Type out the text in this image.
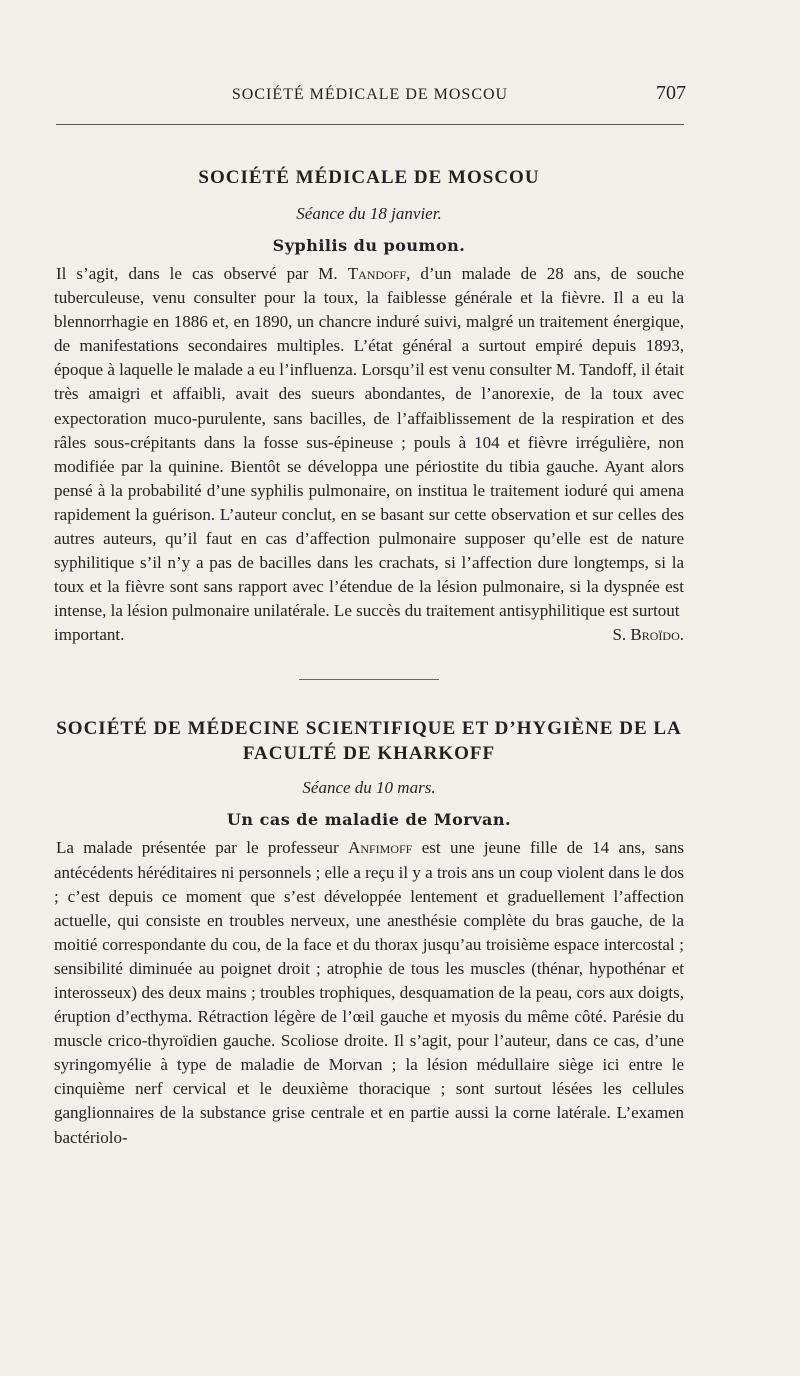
SOCIÉTÉ MÉDICALE DE MOSCOU	707
SOCIÉTÉ MÉDICALE DE MOSCOU

Séance du 18 janvier.

Syphilis du poumon.

Il s’agit, dans le cas observé par M. Tandoff, d’un malade de 28 ans, de souche tuberculeuse, venu consulter pour la toux, la faiblesse générale et la fièvre. Il a eu la blennorrhagie en 1886 et, en 1890, un chancre induré suivi, malgré un traitement énergique, de manifestations secondaires multiples. L’état général a surtout empiré depuis 1893, époque à laquelle le malade a eu l’influenza. Lorsqu’il est venu consulter M. Tandoff, il était très amaigri et affaibli, avait des sueurs abondantes, de l’anorexie, de la toux avec expectoration muco-purulente, sans bacilles, de l’affaiblissement de la respiration et des râles sous-crépitants dans la fosse sus-épineuse ; pouls à 104 et fièvre irrégulière, non modifiée par la quinine. Bientôt se développa une périostite du tibia gauche. Ayant alors pensé à la probabilité d’une syphilis pulmonaire, on institua le traitement ioduré qui amena rapidement la guérison. L’auteur conclut, en se basant sur cette observation et sur celles des autres auteurs, qu’il faut en cas d’affection pulmonaire supposer qu’elle est de nature syphilitique s’il n’y a pas de bacilles dans les crachats, si l’affection dure longtemps, si la toux et la fièvre sont sans rapport avec l’étendue de la lésion pulmonaire, si la dyspnée est intense, la lésion pulmonaire unilatérale. Le succès du traitement antisyphilitique est surtout

important.	S. Broïdo.
SOCIÉTÉ DE MÉDECINE SCIENTIFIQUE ET D’HYGIÈNE DE LA FACULTÉ DE KHARKOFF

Séance du 10 mars.

Un cas de maladie de Morvan.

La malade présentée par le professeur Anfimoff est une jeune fille de 14 ans, sans antécédents héréditaires ni personnels ; elle a reçu il y a trois ans un coup violent dans le dos ; c’est depuis ce moment que s’est développée lentement et graduellement l’affection actuelle, qui consiste en troubles nerveux, une anesthésie complète du bras gauche, de la moitié correspondante du cou, de la face et du thorax jusqu’au troisième espace intercostal ; sensibilité diminuée au poignet droit ; atrophie de tous les muscles (thénar, hypothénar et interosseux) des deux mains ; troubles trophiques, desquamation de la peau, cors aux doigts, éruption d’ecthyma. Rétraction légère de l’œil gauche et myosis du même côté. Parésie du muscle crico-thyroïdien gauche. Scoliose droite. Il s’agit, pour l’auteur, dans ce cas, d’une syringomyélie à type de maladie de Morvan ; la lésion médullaire siège ici entre le cinquième nerf cervical et le deuxième thoracique ; sont surtout lésées les cellules ganglionnaires de la substance grise centrale et en partie aussi la corne latérale. L’examen bactériolo-
